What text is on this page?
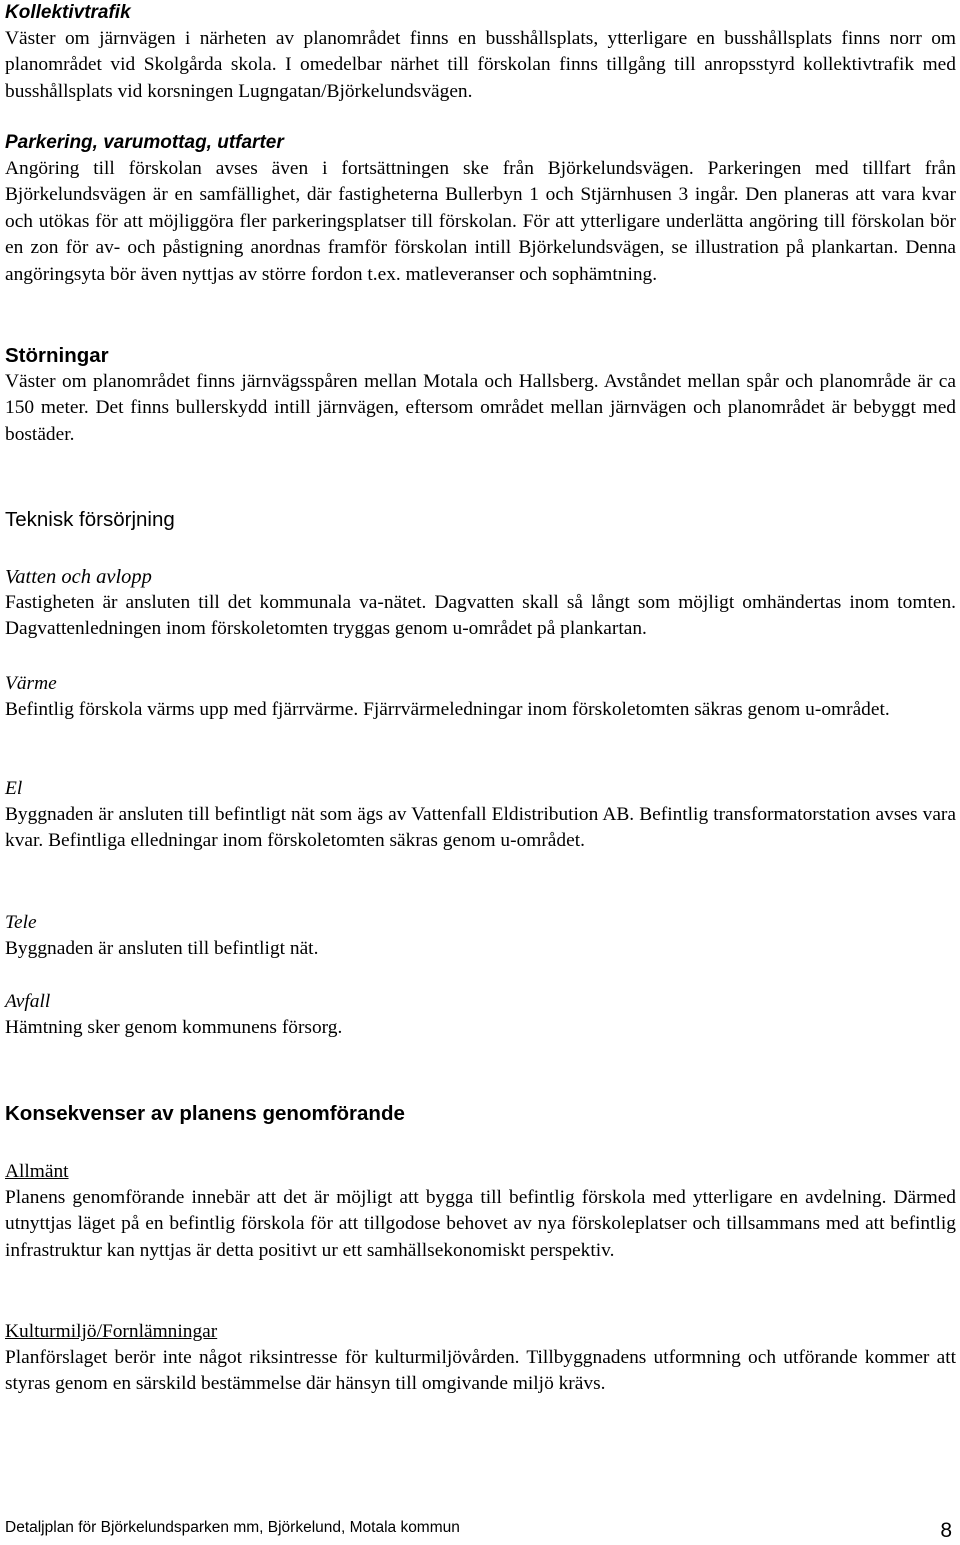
Kollektivtrafik

Väster om järnvägen i närheten av planområdet finns en busshållsplats, ytterligare en busshållsplats finns norr om planområdet vid Skolgårda skola. I omedelbar närhet till förskolan finns tillgång till anropsstyrd kollektivtrafik med busshållsplats vid korsningen Lugngatan/Björkelundsvägen.

Parkering, varumottag, utfarter

Angöring till förskolan avses även i fortsättningen ske från Björkelundsvägen. Parkeringen med tillfart från Björkelundsvägen är en samfällighet, där fastigheterna Bullerbyn 1 och Stjärnhusen 3 ingår. Den planeras att vara kvar och utökas för att möjliggöra fler parkeringsplatser till förskolan. För att ytterligare underlätta angöring till förskolan bör en zon för av- och påstigning anordnas framför förskolan intill Björkelundsvägen, se illustration på plankartan. Denna angöringsyta bör även nyttjas av större fordon t.ex. matleveranser och sophämtning.

Störningar

Väster om planområdet finns järnvägsspåren mellan Motala och Hallsberg. Avståndet mellan spår och planområde är ca 150 meter. Det finns bullerskydd intill järnvägen, eftersom området mellan järnvägen och planområdet är bebyggt med bostäder.

Teknisk försörjning

Vatten och avlopp

Fastigheten är ansluten till det kommunala va-nätet. Dagvatten skall så långt som möjligt omhändertas inom tomten. Dagvattenledningen inom förskoletomten tryggas genom u-området på plankartan.

Värme

Befintlig förskola värms upp med fjärrvärme. Fjärrvärmeledningar inom förskoletomten säkras genom u-området.

El

Byggnaden är ansluten till befintligt nät som ägs av Vattenfall Eldistribution AB. Befintlig transformatorstation avses vara kvar. Befintliga elledningar inom förskoletomten säkras genom u-området.

Tele

Byggnaden är ansluten till befintligt nät.

Avfall

Hämtning sker genom kommunens försorg.

Konsekvenser av planens genomförande

Allmänt

Planens genomförande innebär att det är möjligt att bygga till befintlig förskola med ytterligare en avdelning. Därmed utnyttjas läget på en befintlig förskola för att tillgodose behovet av nya förskoleplatser och tillsammans med att befintlig infrastruktur kan nyttjas är detta positivt ur ett samhällsekonomiskt perspektiv.

Kulturmiljö/Fornlämningar

Planförslaget berör inte något riksintresse för kulturmiljövården. Tillbyggnadens utformning och utförande kommer att styras genom en särskild bestämmelse där hänsyn till omgivande miljö krävs.

Detaljplan för Björkelundsparken mm, Björkelund, Motala kommun	8
